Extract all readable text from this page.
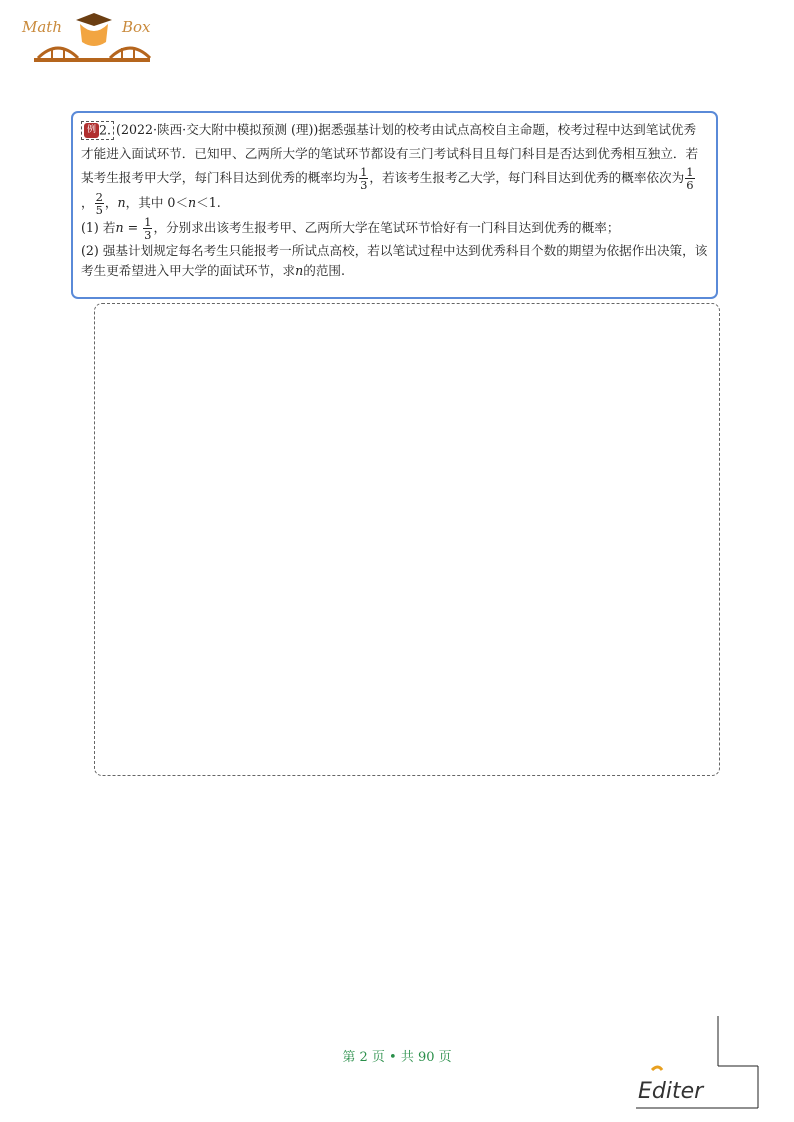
Math	Box

例 2. (2022·陕西·交大附中模拟预测 (理))据悉强基计划的校考由试点高校自主命题，校考过程中达到笔试优秀才能进入面试环节．已知甲、乙两所大学的笔试环节都设有三门考试科目且每门科目是否达到优秀相互独立．若某考生报考甲大学，每门科目达到优秀的概率均为 $\frac{1}{3}$ ，若该考生报考乙大学，每门科目达到优秀的概率依次为 $\frac{1}{6}$
， $\frac{2}{5}$ ，n，其中 0＜n＜1.

(1) 若$n = \frac{1}{3}$ ，分别求出该考生报考甲、乙两所大学在笔试环节恰好有一门科目达到优秀的概率；

(2) 强基计划规定每名考生只能报考一所试点高校，若以笔试过程中达到优秀科目个数的期望为依据作出决策，该考生更希望进入甲大学的面试环节，求n的范围.

第 2 页 • 共 90 页
Editer
